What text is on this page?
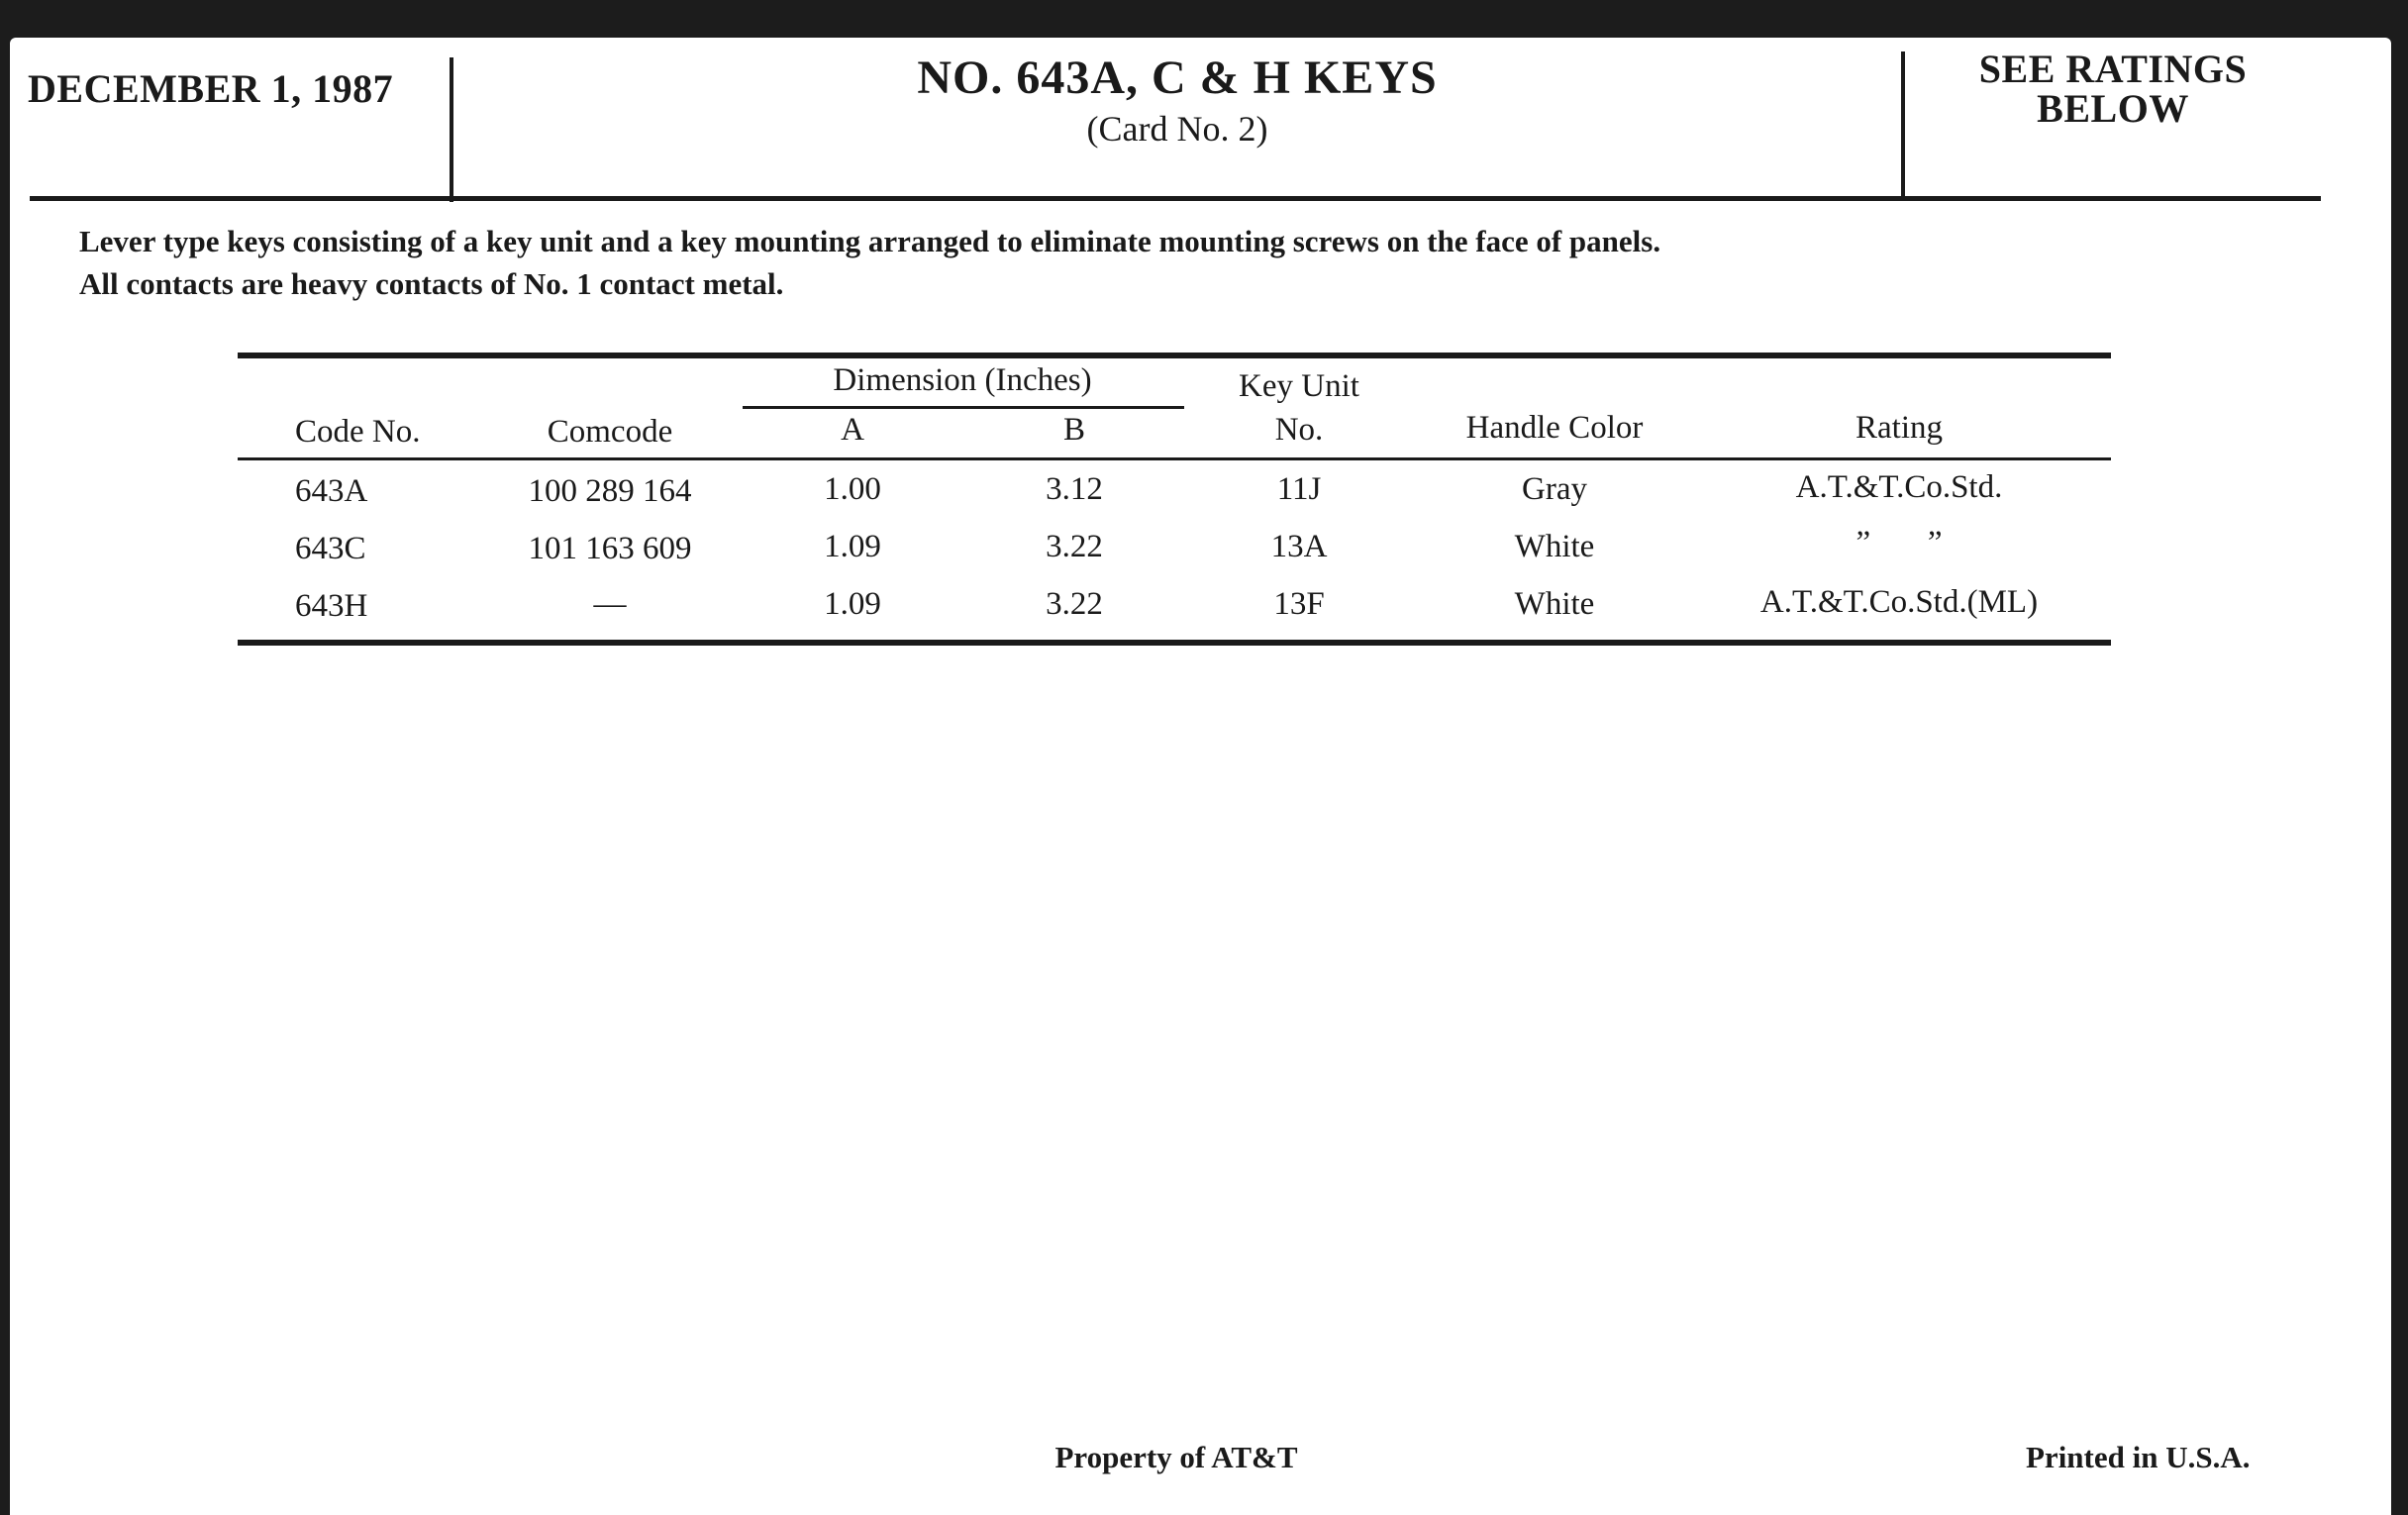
DECEMBER 1, 1987	NO. 643A, C & H KEYS
(Card No. 2)
SEE RATINGS
BELOW
Lever type keys consisting of a key unit and a key mounting arranged to eliminate mounting screws on the face of panels.
All contacts are heavy contacts of No. 1 contact metal.
Dimension (Inches)	Key Unit
Code No.	Comcode	A	B	No.	Handle Color	Rating
643A	100 289 164	1.00	3.12	11J	Gray	A.T.&T.Co.Std.
643C	101 163 609	1.09	3.22	13A	White	”       ”
643H	—	1.09	3.22	13F	White	A.T.&T.Co.Std.(ML)
Property of AT&T	Printed in U.S.A.
